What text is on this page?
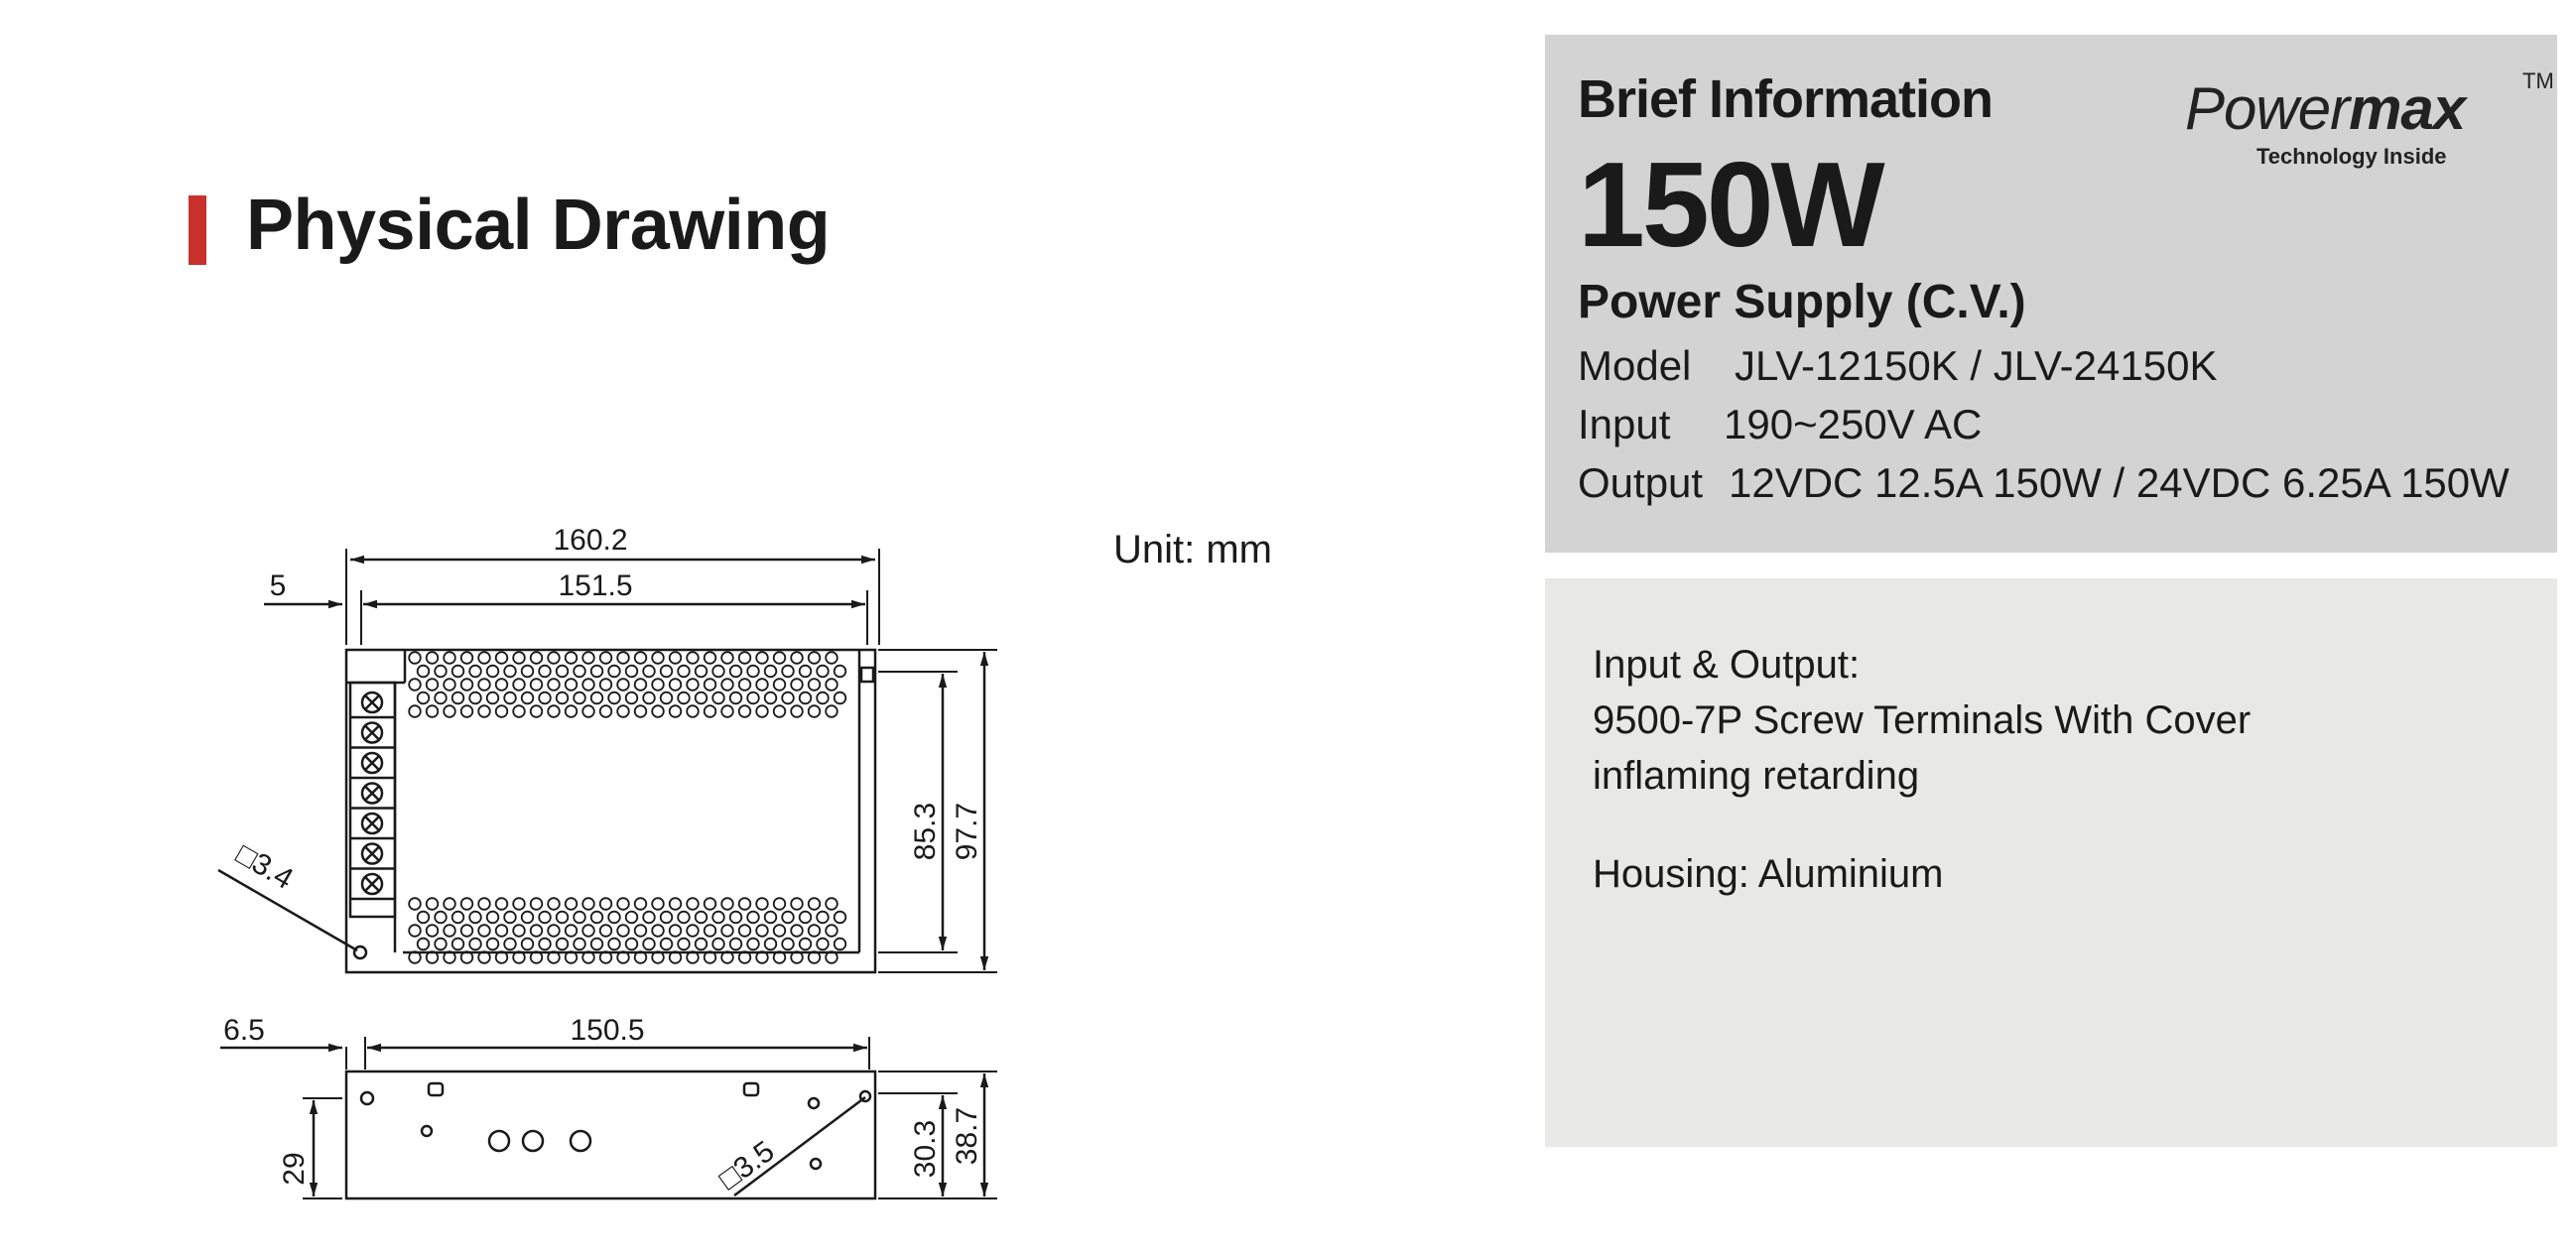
Physical Drawing
Unit: mm
160.2
151.5
5
85.3 97.7
□3.4
6.5	150.5
29	30.3 38.7
□3.5
Brief Information
150W
Power Supply (C.V.)
Model JLV-12150K / JLV-24150K
Input 190~250V AC
Output 12VDC 12.5A 150W / 24VDC 6.25A 150W
Powermax	TM
Technology Inside
Input & Output:
9500-7P Screw Terminals With Cover
inflaming retarding
Housing: Aluminium
